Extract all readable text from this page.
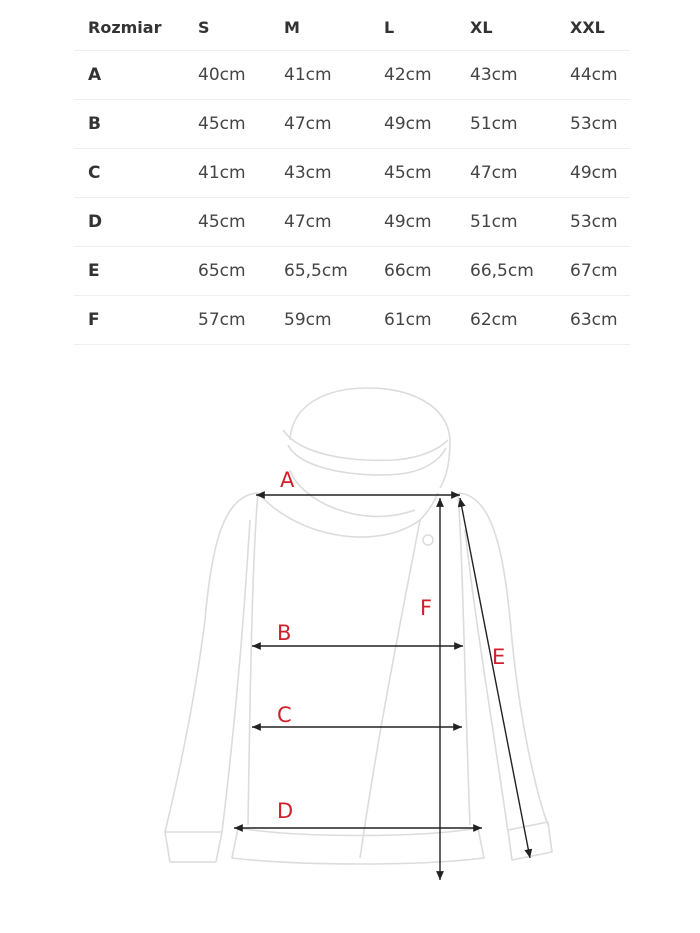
Rozmiar	S	M	L	XL	XXL
A	40cm	41cm	42cm	43cm	44cm
B	45cm	47cm	49cm	51cm	53cm
C	41cm	43cm	45cm	47cm	49cm
D	45cm	47cm	49cm	51cm	53cm
E	65cm	65,5cm	66cm	66,5cm	67cm
F	57cm	59cm	61cm	62cm	63cm
A
B
C
D
E
F
